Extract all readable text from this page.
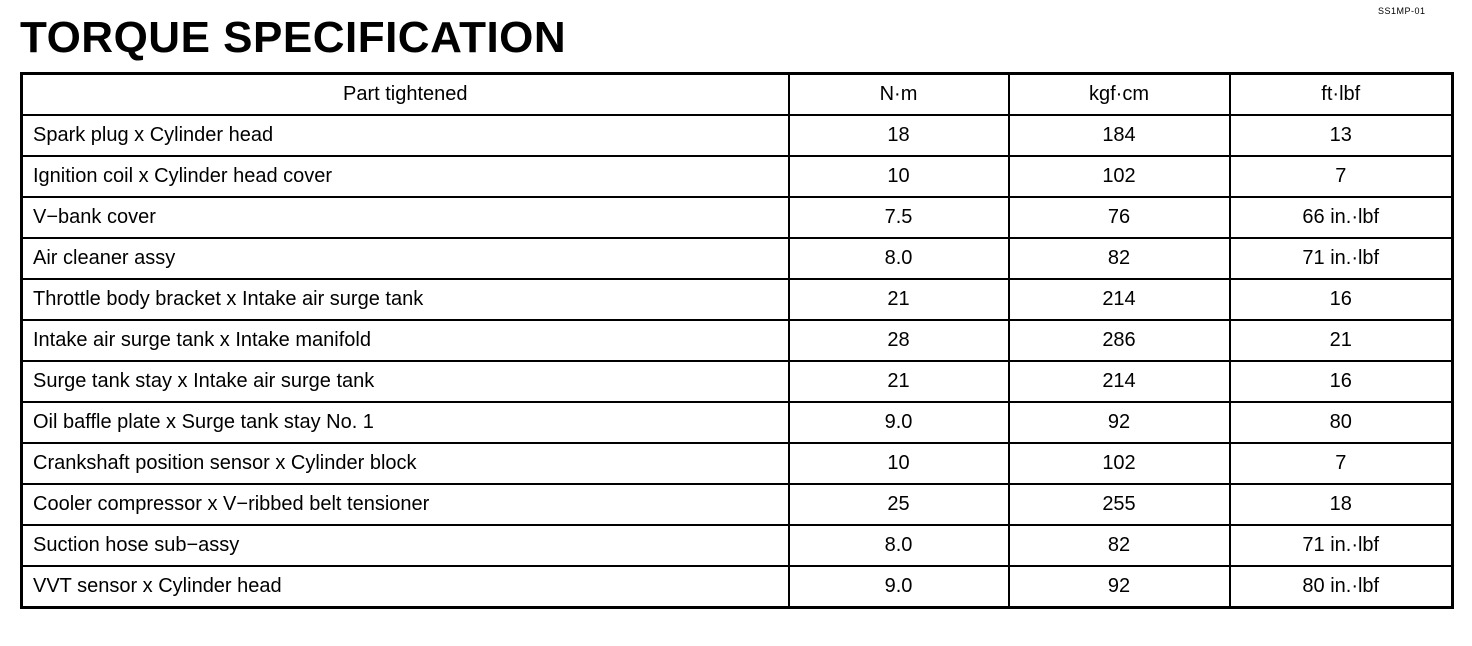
SS1MP-01
TORQUE SPECIFICATION
Part tightened	N·m	kgf·cm	ft·lbf
Spark plug x Cylinder head	18	184	13
Ignition coil x Cylinder head cover	10	102	7
V−bank cover	7.5	76	66 in.·lbf
Air cleaner assy	8.0	82	71 in.·lbf
Throttle body bracket x Intake air surge tank	21	214	16
Intake air surge tank x Intake manifold	28	286	21
Surge tank stay x Intake air surge tank	21	214	16
Oil baffle plate x Surge tank stay No. 1	9.0	92	80
Crankshaft position sensor x Cylinder block	10	102	7
Cooler compressor x V−ribbed belt tensioner	25	255	18
Suction hose sub−assy	8.0	82	71 in.·lbf
VVT sensor x Cylinder head	9.0	92	80 in.·lbf
